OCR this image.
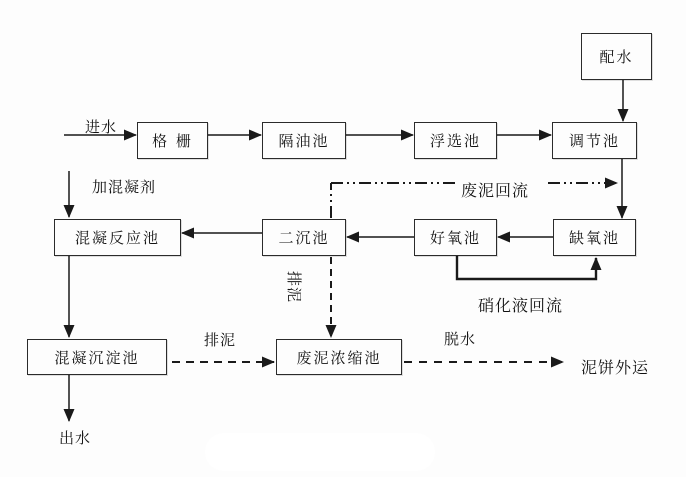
配水
格 栅	隔油池	浮选池	调节池
混凝反应池	二沉池	好氧池	缺氧池
混凝沉淀池	废泥浓缩池
进水
加混凝剂	废泥回流
硝化液回流
排泥
排泥	脱水
出水
泥饼外运
